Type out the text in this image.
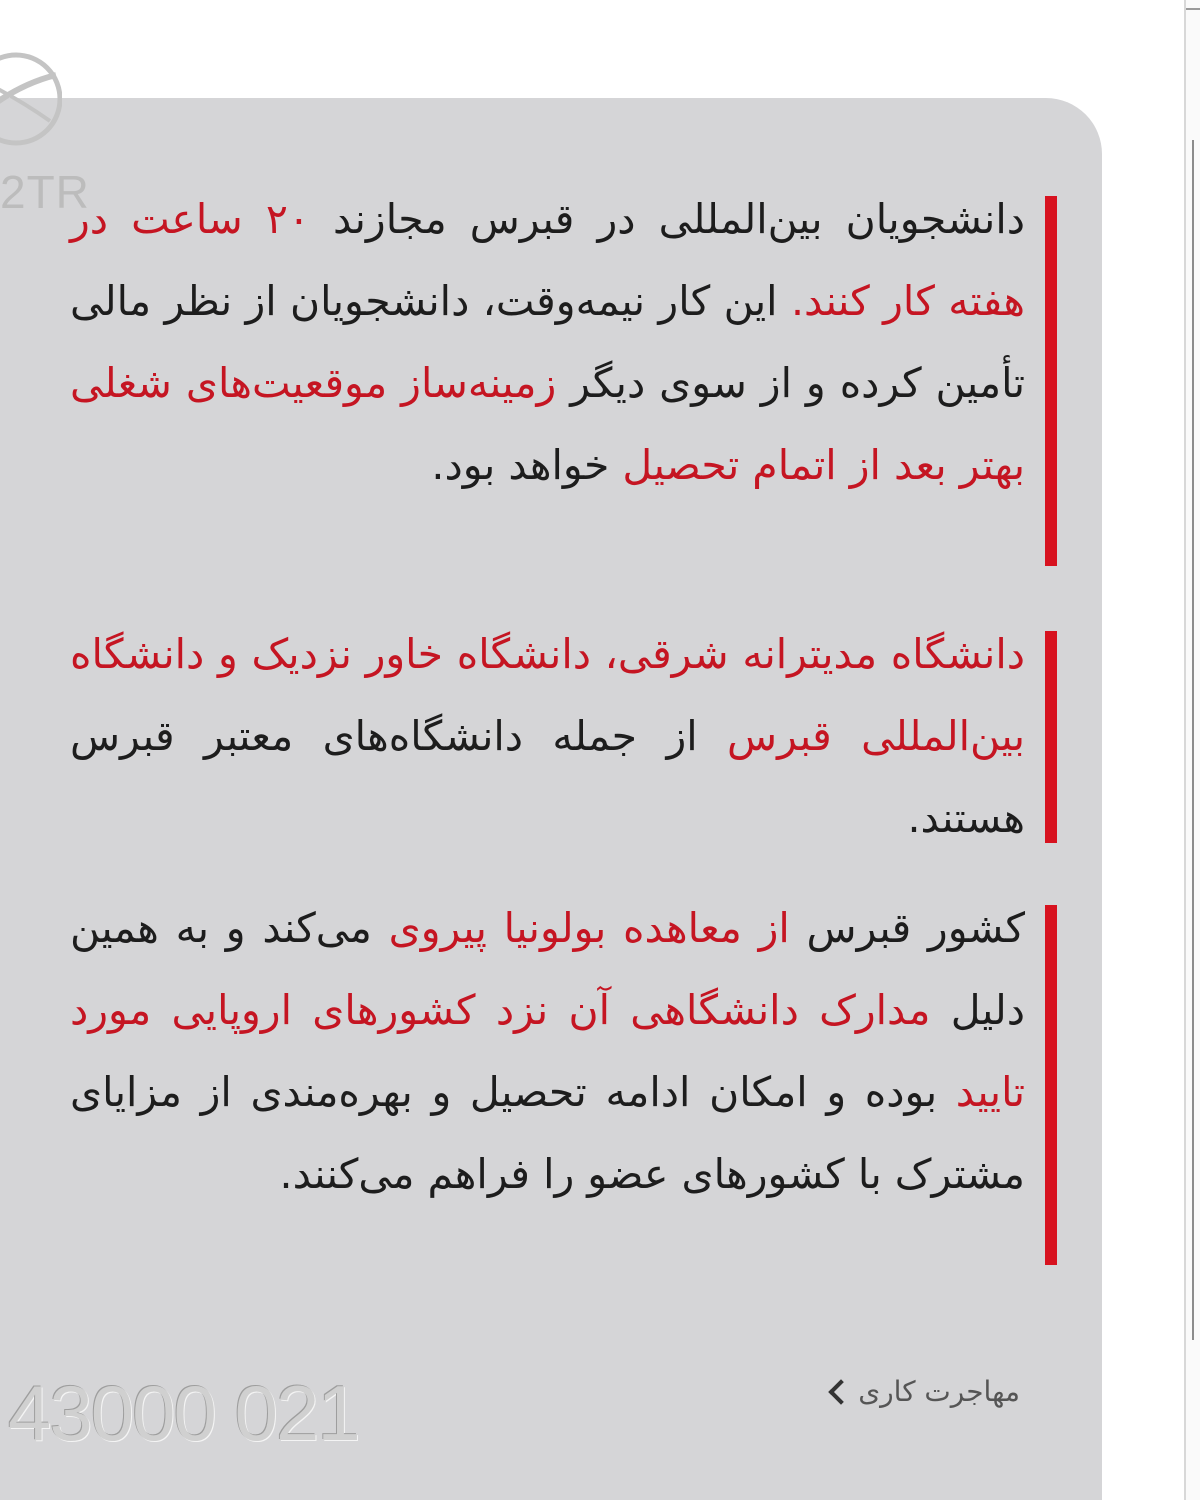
2TR

دانشجویان بین‌المللی در قبرس مجازند ۲۰ ساعت در هفته کار کنند. این کار نیمه‌وقت، دانشجویان از نظر مالی تأمین کرده و از سوی دیگر زمینه‌ساز موقعیت‌های شغلی بهتر بعد از اتمام تحصیل خواهد بود.

دانشگاه مدیترانه شرقی، دانشگاه خاور نزدیک و دانشگاه بین‌المللی قبرس از جمله دانشگاه‌های معتبر قبرس هستند.

کشور قبرس از معاهده بولونیا پیروی می‌کند و به همین دلیل مدارک دانشگاهی آن نزد کشورهای اروپایی مورد تایید بوده و امکان ادامه تحصیل و بهره‌مندی از مزایای مشترک با کشورهای عضو را فراهم می‌کنند.

43000 021	مهاجرت کاری
